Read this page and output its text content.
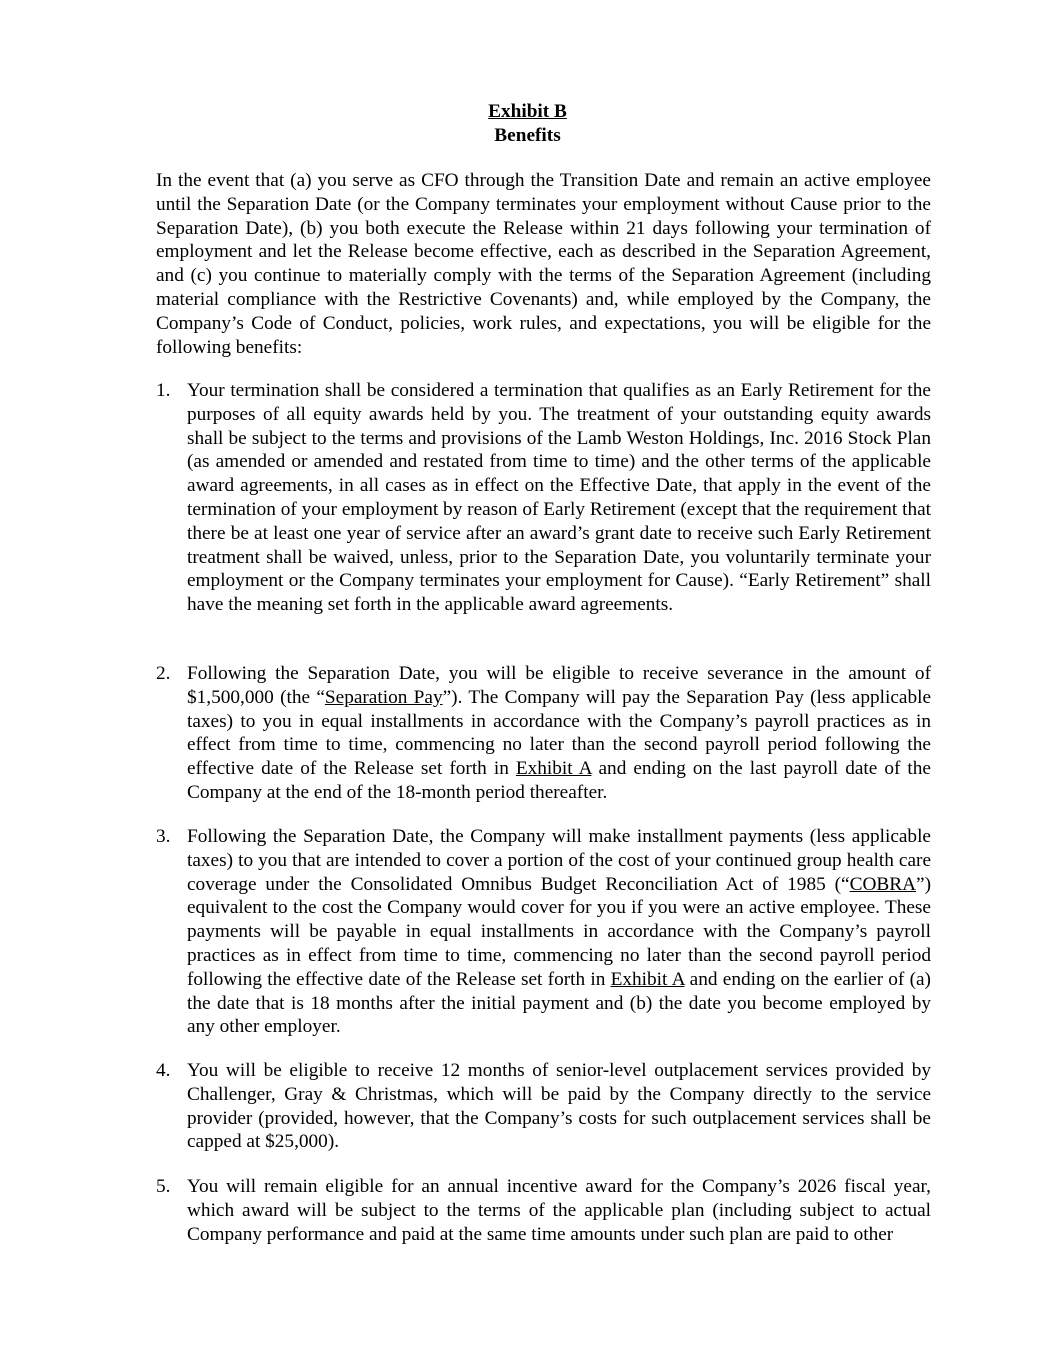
Exhibit B
Benefits

In the event that (a) you serve as CFO through the Transition Date and remain an active employee until the Separation Date (or the Company terminates your employment without Cause prior to the Separation Date), (b) you both execute the Release within 21 days following your termination of employment and let the Release become effective, each as described in the Separation Agreement, and (c) you continue to materially comply with the terms of the Separation Agreement (including material compliance with the Restrictive Covenants) and, while employed by the Company, the Company’s Code of Conduct, policies, work rules, and expectations, you will be eligible for the following benefits:

1. Your termination shall be considered a termination that qualifies as an Early Retirement for the purposes of all equity awards held by you. The treatment of your outstanding equity awards shall be subject to the terms and provisions of the Lamb Weston Holdings, Inc. 2016 Stock Plan (as amended or amended and restated from time to time) and the other terms of the applicable award agreements, in all cases as in effect on the Effective Date, that apply in the event of the termination of your employment by reason of Early Retirement (except that the requirement that there be at least one year of service after an award’s grant date to receive such Early Retirement treatment shall be waived, unless, prior to the Separation Date, you voluntarily terminate your employment or the Company terminates your employment for Cause). “Early Retirement” shall have the meaning set forth in the applicable award agreements.

2. Following the Separation Date, you will be eligible to receive severance in the amount of $1,500,000 (the “Separation Pay”). The Company will pay the Separation Pay (less applicable taxes) to you in equal installments in accordance with the Company’s payroll practices as in effect from time to time, commencing no later than the second payroll period following the effective date of the Release set forth in Exhibit A and ending on the last payroll date of the Company at the end of the 18-month period thereafter.

3. Following the Separation Date, the Company will make installment payments (less applicable taxes) to you that are intended to cover a portion of the cost of your continued group health care coverage under the Consolidated Omnibus Budget Reconciliation Act of 1985 (“COBRA”) equivalent to the cost the Company would cover for you if you were an active employee. These payments will be payable in equal installments in accordance with the Company’s payroll practices as in effect from time to time, commencing no later than the second payroll period following the effective date of the Release set forth in Exhibit A and ending on the earlier of (a) the date that is 18 months after the initial payment and (b) the date you become employed by any other employer.

4. You will be eligible to receive 12 months of senior-level outplacement services provided by Challenger, Gray & Christmas, which will be paid by the Company directly to the service provider (provided, however, that the Company’s costs for such outplacement services shall be capped at $25,000).

5. You will remain eligible for an annual incentive award for the Company’s 2026 fiscal year, which award will be subject to the terms of the applicable plan (including subject to actual Company performance and paid at the same time amounts under such plan are paid to other
